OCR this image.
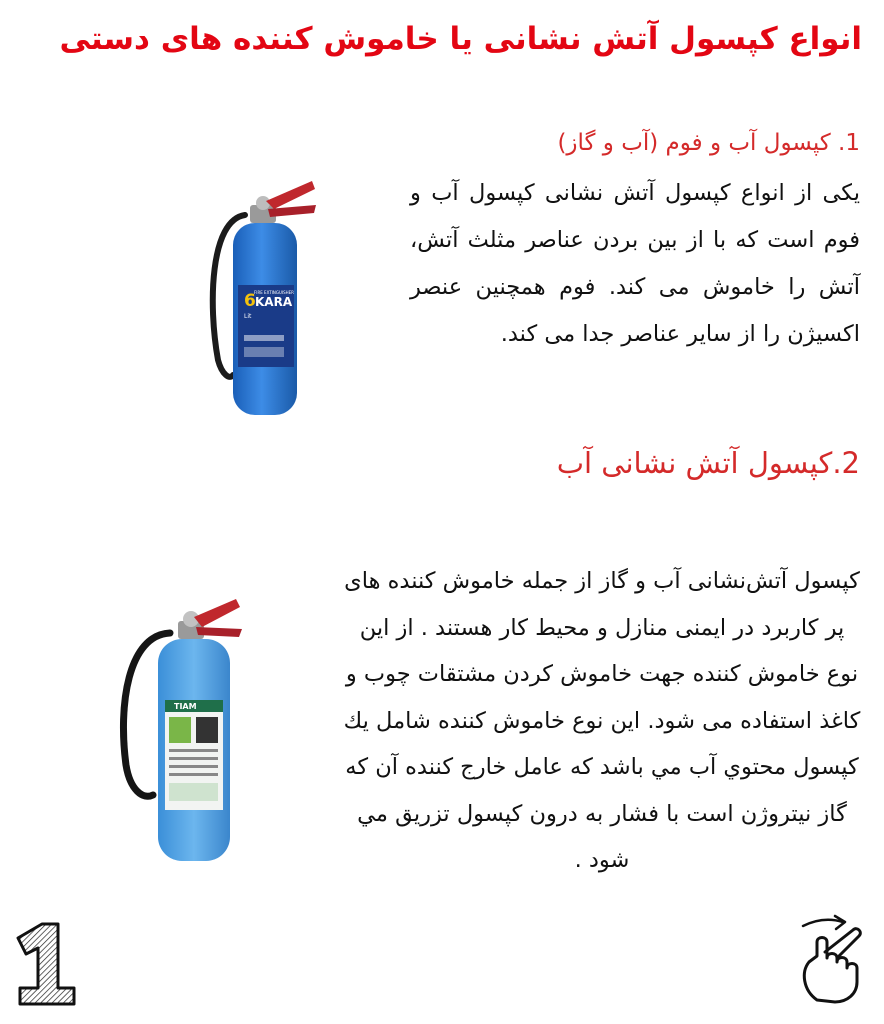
انواع کپسول آتش نشانی یا خاموش کننده های دستی
1. کپسول آب و فوم (آب و گاز)
یکی از انواع کپسول آتش نشانی کپسول آب و فوم است که با از بین بردن عناصر مثلث آتش، آتش را خاموش می کند. فوم همچنین عنصر اکسیژن را از سایر عناصر جدا می کند.
6 KARA
FIRE EXTINGUISHER
Lit
2.کپسول آتش نشانی آب
کپسول آتش‌نشانی آب و گاز از جمله خاموش کننده های پر کاربرد در ایمنی منازل و محیط کار هستند . از این نوع خاموش کننده جهت خاموش کردن مشتقات چوب و کاغذ استفاده می شود. این نوع خاموش کننده شامل يك کپسول محتوي آب مي باشد که عامل خارج کننده آن که گاز نیتروژن است با فشار به درون کپسول تزریق مي شود .
TIAM
1
